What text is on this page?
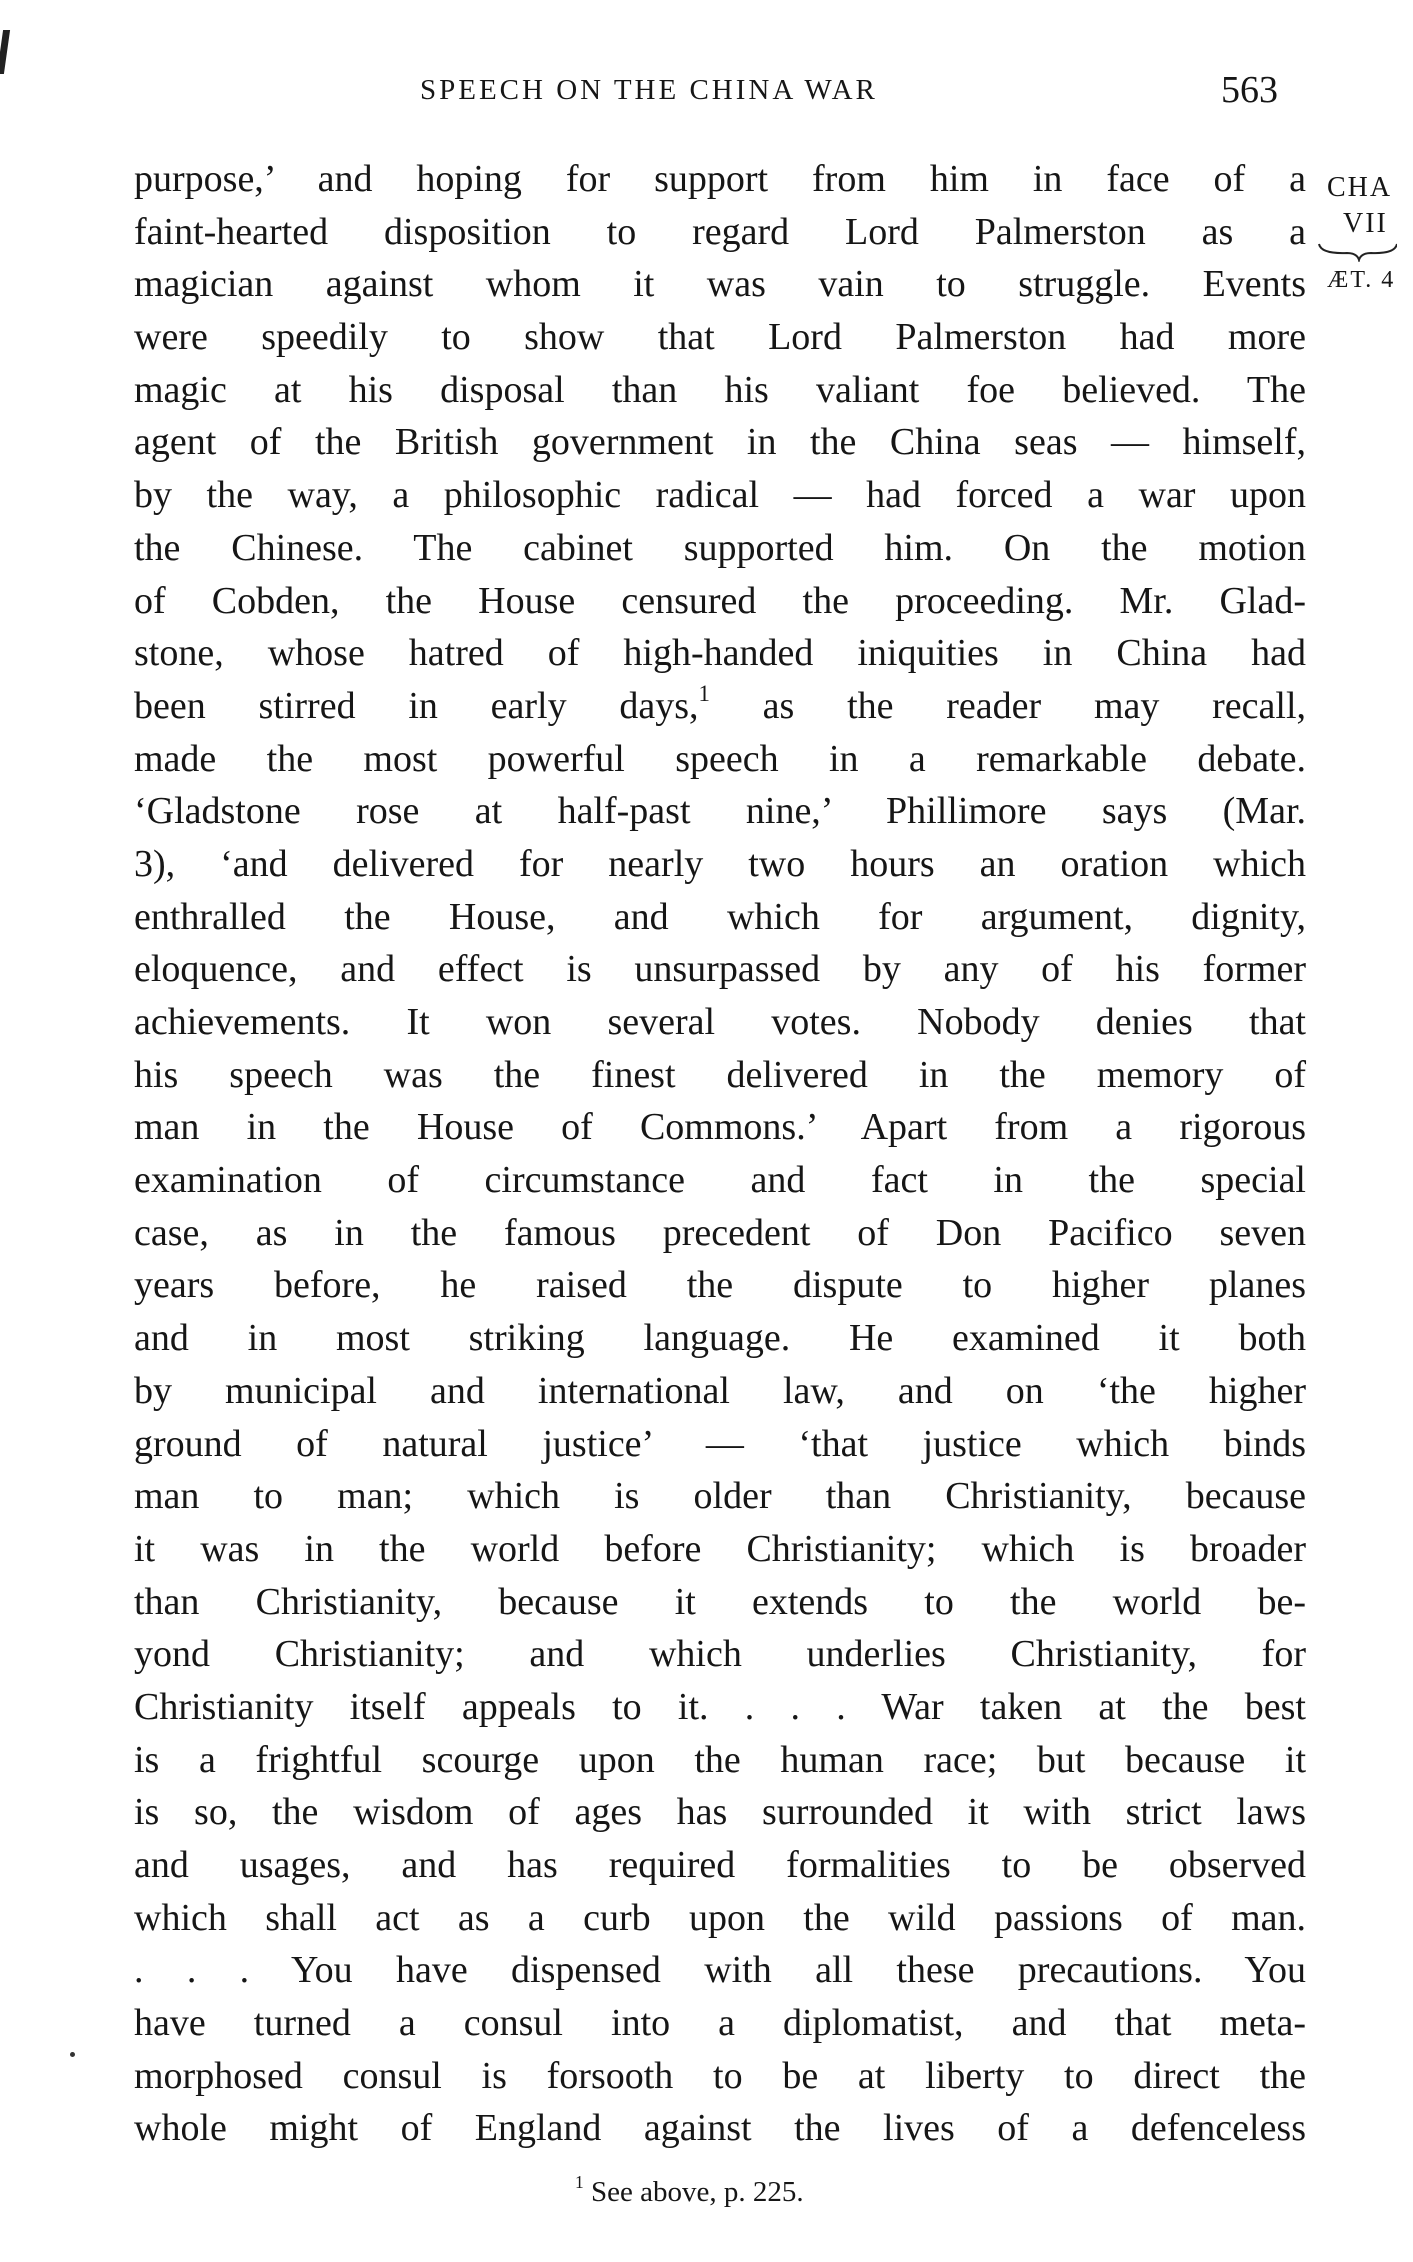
SPEECH ON THE CHINA WAR	563
CHA
VII
ÆT. 4
purpose,’ and hoping for support from him in face of a
faint-hearted disposition to regard Lord Palmerston as a
magician against whom it was vain to struggle. Events
were speedily to show that Lord Palmerston had more
magic at his disposal than his valiant foe believed. The
agent of the British government in the China seas — himself,
by the way, a philosophic radical — had forced a war upon
the Chinese. The cabinet supported him. On the motion
of Cobden, the House censured the proceeding. Mr. Glad-
stone, whose hatred of high-handed iniquities in China had
been stirred in early days,$^1$ as the reader may recall,
made the most powerful speech in a remarkable debate.
‘Gladstone rose at half-past nine,’ Phillimore says (Mar.
3), ‘and delivered for nearly two hours an oration which
enthralled the House, and which for argument, dignity,
eloquence, and effect is unsurpassed by any of his former
achievements. It won several votes. Nobody denies that
his speech was the finest delivered in the memory of
man in the House of Commons.’ Apart from a rigorous
examination of circumstance and fact in the special
case, as in the famous precedent of Don Pacifico seven
years before, he raised the dispute to higher planes
and in most striking language. He examined it both
by municipal and international law, and on ‘the higher
ground of natural justice’ — ‘that justice which binds
man to man; which is older than Christianity, because
it was in the world before Christianity; which is broader
than Christianity, because it extends to the world be-
yond Christianity; and which underlies Christianity, for
Christianity itself appeals to it. . . . War taken at the best
is a frightful scourge upon the human race; but because it
is so, the wisdom of ages has surrounded it with strict laws
and usages, and has required formalities to be observed
which shall act as a curb upon the wild passions of man.
. . . You have dispensed with all these precautions. You
have turned a consul into a diplomatist, and that meta-
morphosed consul is forsooth to be at liberty to direct the
whole might of England against the lives of a defenceless
$^1$ See above, p. 225.
